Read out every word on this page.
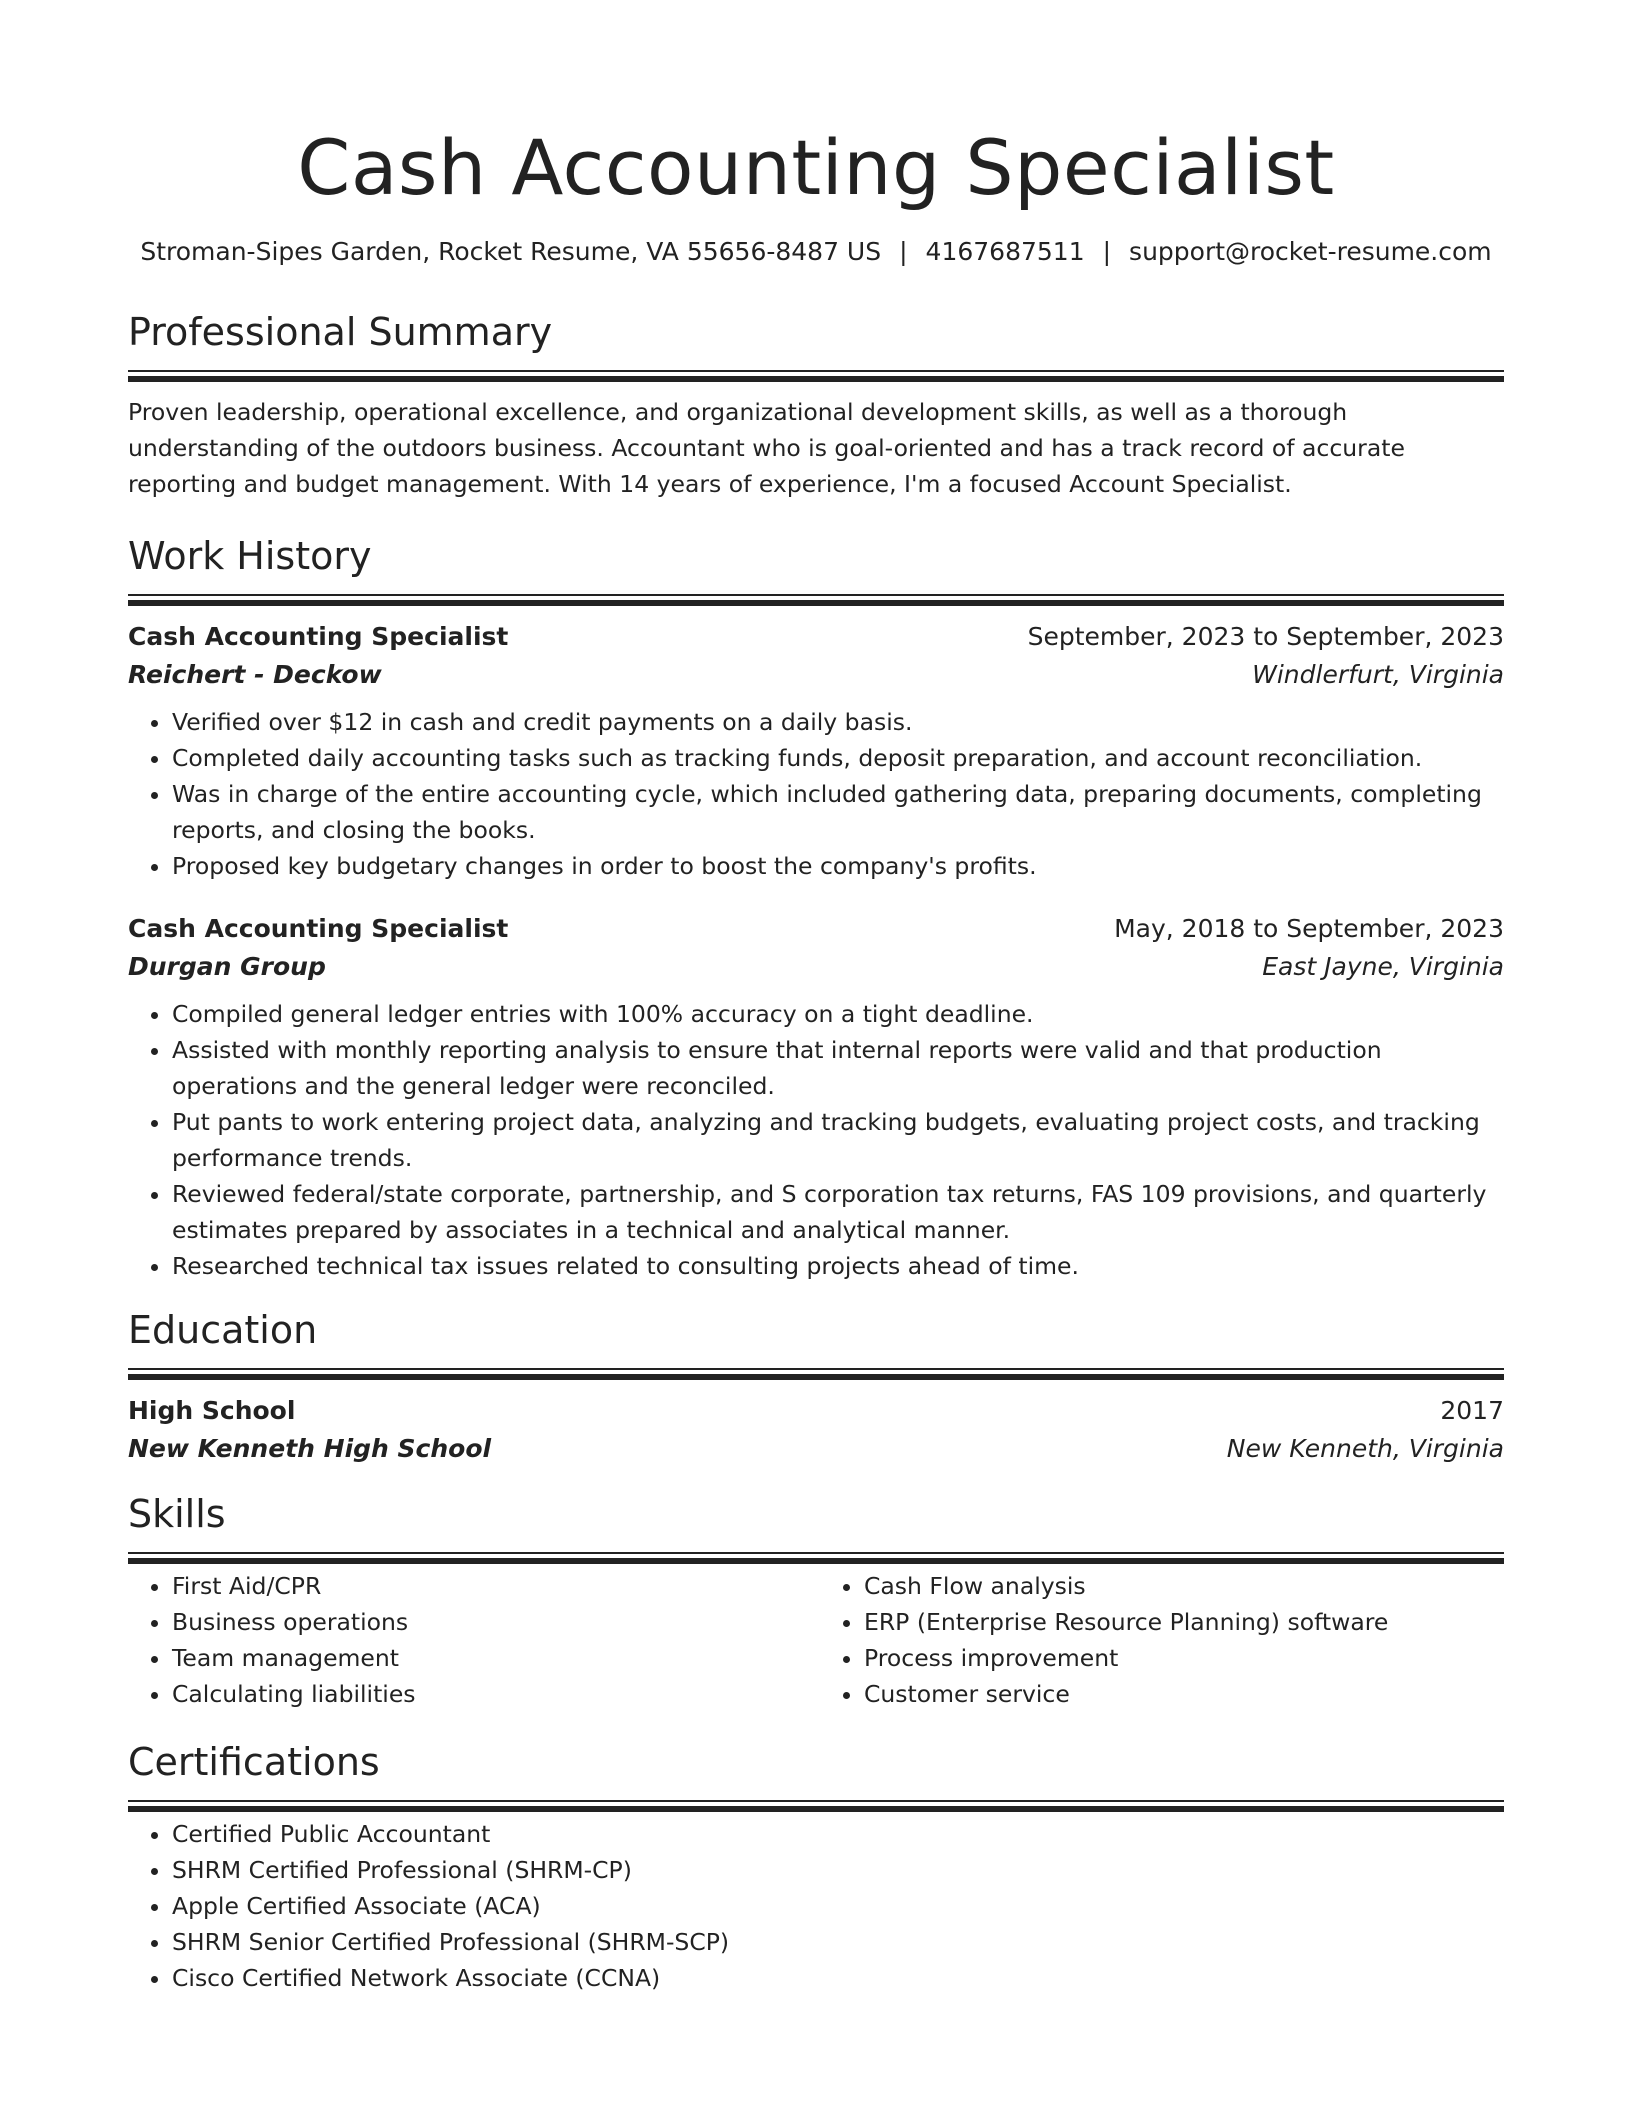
Cash Accounting Specialist
Stroman-Sipes Garden, Rocket Resume, VA 55656-8487 US | 4167687511 | support@rocket-resume.com
Professional Summary

Proven leadership, operational excellence, and organizational development skills, as well as a thorough understanding of the outdoors business. Accountant who is goal-oriented and has a track record of accurate reporting and budget management. With 14 years of experience, I'm a focused Account Specialist.

Work History
Cash Accounting Specialist	September, 2023 to September, 2023
Reichert - Deckow	Windlerfurt, Virginia
• Verified over $12 in cash and credit payments on a daily basis.
• Completed daily accounting tasks such as tracking funds, deposit preparation, and account reconciliation.
• Was in charge of the entire accounting cycle, which included gathering data, preparing documents, completing reports, and closing the books.
• Proposed key budgetary changes in order to boost the company's profits.
Cash Accounting Specialist	May, 2018 to September, 2023
Durgan Group	East Jayne, Virginia
• Compiled general ledger entries with 100% accuracy on a tight deadline.
• Assisted with monthly reporting analysis to ensure that internal reports were valid and that production operations and the general ledger were reconciled.
• Put pants to work entering project data, analyzing and tracking budgets, evaluating project costs, and tracking performance trends.
• Reviewed federal/state corporate, partnership, and S corporation tax returns, FAS 109 provisions, and quarterly estimates prepared by associates in a technical and analytical manner.
• Researched technical tax issues related to consulting projects ahead of time.
Education
High School	2017
New Kenneth High School	New Kenneth, Virginia
Skills
• First Aid/CPR
• Business operations
• Team management
• Calculating liabilities
• Cash Flow analysis
• ERP (Enterprise Resource Planning) software
• Process improvement
• Customer service
Certifications
• Certified Public Accountant
• SHRM Certified Professional (SHRM-CP)
• Apple Certified Associate (ACA)
• SHRM Senior Certified Professional (SHRM-SCP)
• Cisco Certified Network Associate (CCNA)
